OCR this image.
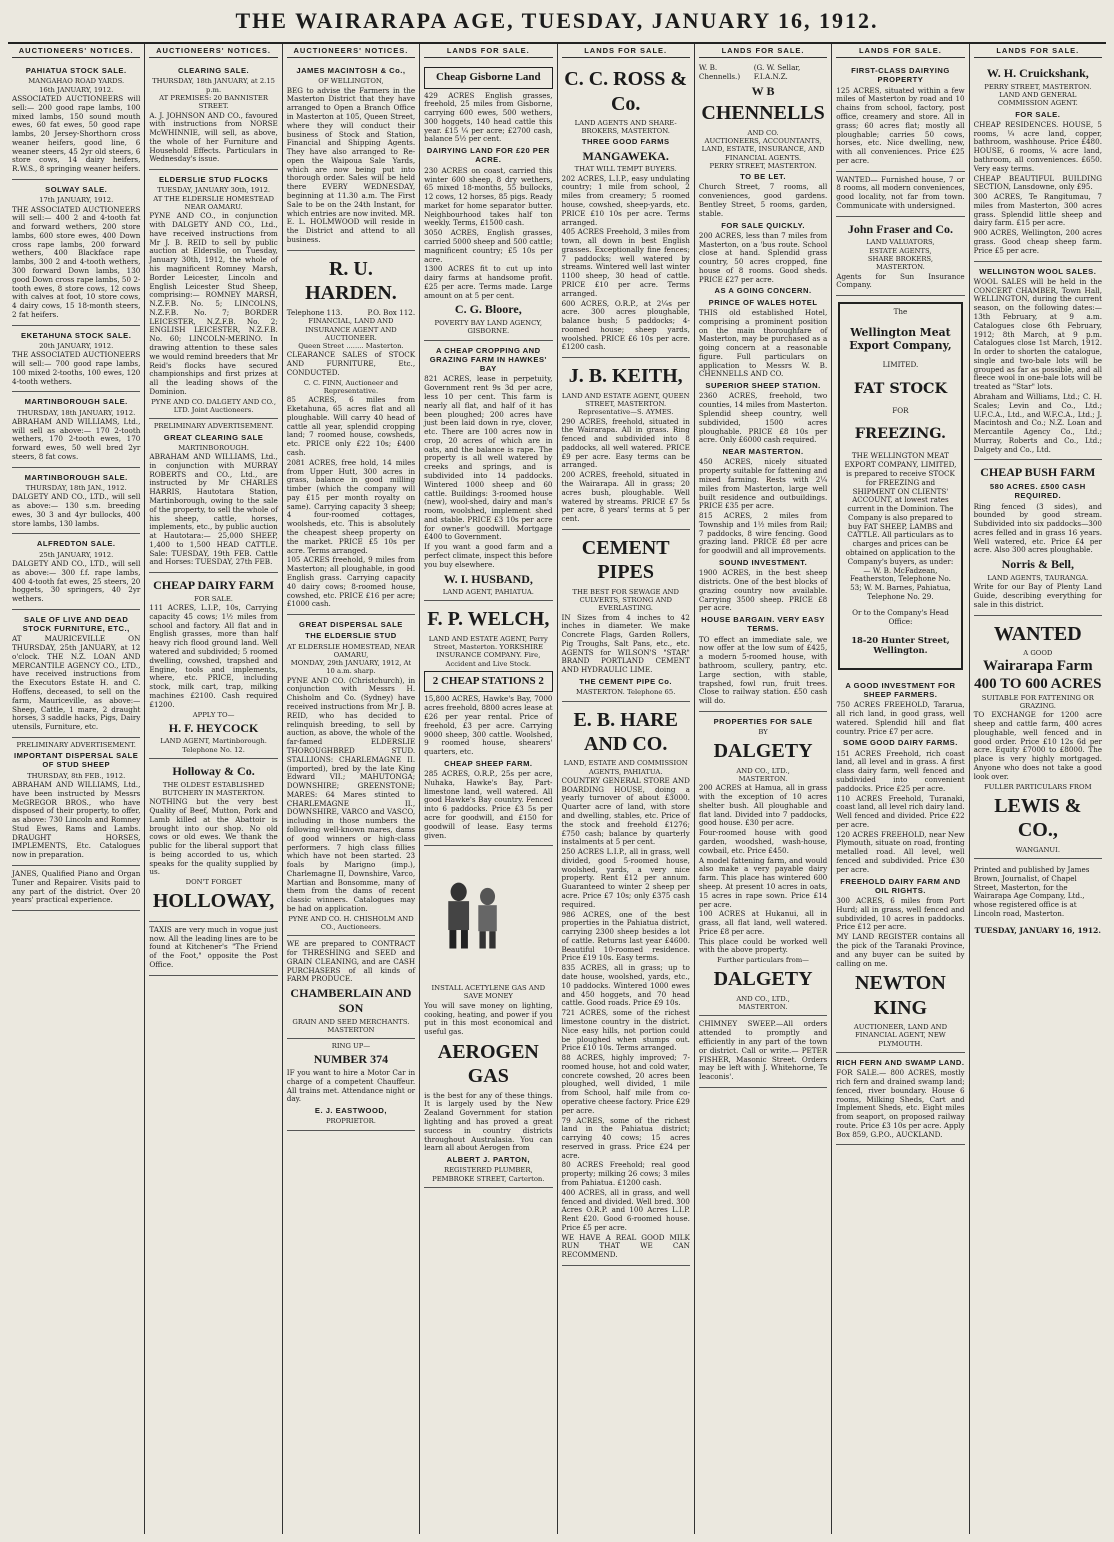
THE WAIRARAPA AGE, TUESDAY, JANUARY 16, 1912.
AUCTIONEERS' NOTICES.
PAHIATUA STOCK SALE.
MANGAHAO ROAD YARDS.
16th JANUARY, 1912.

ASSOCIATED AUCTIONEERS will sell:— 200 good rape lambs, 100 mixed lambs, 150 sound mouth ewes, 60 fat ewes, 50 good rape lambs, 20 Jersey-Shorthorn cross weaner heifers, good line, 6 weaner steers, 45 2yr old steers, 6 store cows, 14 dairy heifers, R.W.S., 8 springing weaner heifers.

SOLWAY SALE.
17th JANUARY, 1912.

THE ASSOCIATED AUCTIONEERS will sell:— 400 2 and 4-tooth fat and forward wethers, 200 store lambs, 600 store ewes, 400 Down cross rape lambs, 200 forward wethers, 400 Blackface rape lambs, 300 2 and 4-tooth wethers, 300 forward Down lambs, 130 good Down cross rape lambs, 50 2-tooth ewes, 8 store cows, 12 cows with calves at foot, 10 store cows, 4 dairy cows, 15 18-month steers, 2 fat heifers.

EKETAHUNA STOCK SALE.
20th JANUARY, 1912.

THE ASSOCIATED AUCTIONEERS will sell:— 700 good rape lambs, 100 mixed 2-tooths, 100 ewes, 120 4-tooth wethers.

MARTINBOROUGH SALE.
THURSDAY, 18th JANUARY, 1912.

ABRAHAM AND WILLIAMS, Ltd., will sell as above:— 170 2-tooth wethers, 170 2-tooth ewes, 170 forward ewes, 50 well bred 2yr steers, 8 fat cows.

MARTINBOROUGH SALE.
THURSDAY, 18th JAN., 1912.

DALGETY AND CO., LTD., will sell as above:— 130 s.m. breeding ewes, 30 3 and 4yr bullocks, 400 store lambs, 130 lambs.

ALFREDTON SALE.
25th JANUARY, 1912.

DALGETY AND CO., LTD., will sell as above:— 300 f.f. rape lambs, 400 4-tooth fat ewes, 25 steers, 20 hoggets, 30 springers, 40 2yr wethers.

SALE OF LIVE AND DEAD STOCK FURNITURE, ETC.,

AT MAURICEVILLE ON THURSDAY, 25th JANUARY, at 12 o'clock. THE N.Z. LOAN AND MERCANTILE AGENCY CO., LTD., have received instructions from the Executors Estate H. and C. Hoffens, deceased, to sell on the farm, Mauriceville, as above:— Sheep, Cattle, 1 mare, 2 draught horses, 3 saddle hacks, Pigs, Dairy utensils, Furniture, etc.

PRELIMINARY ADVERTISEMENT.
IMPORTANT DISPERSAL SALE OF STUD SHEEP
THURSDAY, 8th FEB., 1912.

ABRAHAM AND WILLIAMS, Ltd., have been instructed by Messrs McGREGOR BROS., who have disposed of their property, to offer, as above: 730 Lincoln and Romney Stud Ewes, Rams and Lambs. DRAUGHT HORSES, IMPLEMENTS, Etc. Catalogues now in preparation.

JANES, Qualified Piano and Organ Tuner and Repairer. Visits paid to any part of the district. Over 20 years' practical experience.

AUCTIONEERS' NOTICES.
CLEARING SALE.
THURSDAY, 18th JANUARY, at 2.15 p.m.
AT PREMISES: 20 BANNISTER STREET.

A. J. JOHNSON AND CO., favoured with instructions from NORSE McWHINNIE, will sell, as above, the whole of her Furniture and Household Effects. Particulars in Wednesday's issue.

ELDERSLIE STUD FLOCKS
TUESDAY, JANUARY 30th, 1912.
AT THE ELDERSLIE HOMESTEAD NEAR OAMARU.

PYNE AND CO., in conjunction with DALGETY AND CO., Ltd., have received instructions from Mr J. B. REID to sell by public auction at Elderslie, on Tuesday, January 30th, 1912, the whole of his magnificent Romney Marsh, Border Leicester, Lincoln and English Leicester Stud Sheep, comprising:— ROMNEY MARSH, N.Z.F.B. No. 5; LINCOLNS, N.Z.F.B. No. 7; BORDER LEICESTER, N.Z.F.B. No. 2; ENGLISH LEICESTER, N.Z.F.B. No. 60; LINCOLN-MERINO. In drawing attention to these sales we would remind breeders that Mr Reid's flocks have secured championships and first prizes at all the leading shows of the Dominion.

PYNE AND CO. DALGETY AND CO., LTD. Joint Auctioneers.
PRELIMINARY ADVERTISEMENT.
GREAT CLEARING SALE
MARTINBOROUGH.

ABRAHAM AND WILLIAMS, Ltd., in conjunction with MURRAY ROBERTS and CO., Ltd., are instructed by Mr CHARLES HARRIS, Hautotara Station, Martinborough, owing to the sale of the property, to sell the whole of his sheep, cattle, horses, implements, etc., by public auction at Hautotara:— 25,000 SHEEP, 1,400 to 1,500 HEAD CATTLE. Sale: TUESDAY, 19th FEB. Cattle and Horses: TUESDAY, 27th FEB.

CHEAP DAIRY FARM
FOR SALE.

111 ACRES, L.I.P., 10s, Carrying capacity 45 cows; 1½ miles from school and factory. All flat and in English grasses, more than half heavy rich flood ground land. Well watered and subdivided; 5 roomed dwelling, cowshed, trapshed and Engine, tools and implements, where, etc. PRICE, including stock, milk cart, trap, milking machines £2100. Cash required £1200.

APPLY TO—
H. F. HEYCOCK
LAND AGENT, Martinborough.
Telephone No. 12.
Holloway & Co.
THE OLDEST ESTABLISHED BUTCHERY IN MASTERTON.

NOTHING but the very best Quality of Beef, Mutton, Pork and Lamb killed at the Abattoir is brought into our shop. No old cows or old ewes. We thank the public for the liberal support that is being accorded to us, which speaks for the quality supplied by us.

DON'T FORGET
HOLLOWAY,

TAXIS are very much in vogue just now. All the leading lines are to be found at Kitchener's "The Friend of the Foot," opposite the Post Office.

AUCTIONEERS' NOTICES.
JAMES MACINTOSH & Co.,
OF WELLINGTON,

BEG to advise the Farmers in the Masterton District that they have arranged to Open a Branch Office in Masterton at 105, Queen Street, where they will conduct their business of Stock and Station, Financial and Shipping Agents. They have also arranged to Re-open the Waipoua Sale Yards, which are now being put into thorough order. Sales will be held there EVERY WEDNESDAY, beginning at 11.30 a.m. The First Sale to be on the 24th Instant, for which entries are now invited. MR. E. L. HOLMWOOD will reside in the District and attend to all business.

R. U. HARDEN.
Telephone 113.	P.O. Box 112.
FINANCIAL, LAND AND INSURANCE AGENT AND AUCTIONEER.
Queen Street ........ Masterton.

CLEARANCE SALES of STOCK AND FURNITURE, Etc., CONDUCTED.

C. C. FINN, Auctioneer and Representative.

85 ACRES, 6 miles from Eketahuna, 65 acres flat and all ploughable. Will carry 40 head of cattle all year, splendid cropping land; 7 roomed house, cowsheds, etc. PRICE only £22 10s; £400 cash.

2081 ACRES, free hold, 14 miles from Upper Hutt, 300 acres in grass, balance in good milling timber (which the company will pay £15 per month royalty on same). Carrying capacity 3 sheep; 4 four-roomed cottages, woolsheds, etc. This is absolutely the cheapest sheep property on the market. PRICE £5 10s per acre. Terms arranged.

105 ACRES freehold, 9 miles from Masterton; all ploughable, in good English grass. Carrying capacity 40 dairy cows; 8-roomed house, cowshed, etc. PRICE £16 per acre; £1000 cash.

GREAT DISPERSAL SALE
THE ELDERSLIE STUD
AT ELDERSLIE HOMESTEAD, NEAR OAMARU,
MONDAY, 29th JANUARY, 1912, At 10 a.m. sharp.

PYNE AND CO. (Christchurch), in conjunction with Messrs H. Chisholm and Co. (Sydney) have received instructions from Mr J. B. REID, who has decided to relinquish breeding, to sell by auction, as above, the whole of the far-famed ELDERSLIE THOROUGHBRED STUD. STALLIONS: CHARLEMAGNE II. (imported), bred by the late King Edward VII.; MAHUTONGA; DOWNSHIRE; GREENSTONE; MARES: 64 Mares stinted to CHARLEMAGNE II., DOWNSHIRE, VARCO and VASCO, including in those numbers the following well-known mares, dams of good winners or high-class performers. 7 high class fillies which have not been started. 23 foals by Marigno (imp.), Charlemagne II, Downshire, Varco, Martian and Bonsomme, many of them from the dams of recent classic winners. Catalogues may be had on application.

PYNE AND CO. H. CHISHOLM AND CO., Auctioneers.

WE are prepared to CONTRACT for THRESHING and SEED and GRAIN CLEANING, and are CASH PURCHASERS of all kinds of FARM PRODUCE.

CHAMBERLAIN AND SON
GRAIN AND SEED MERCHANTS.
MASTERTON
RING UP—
NUMBER 374

IF you want to hire a Motor Car in charge of a competent Chauffeur. All trains met. Attendance night or day.

E. J. EASTWOOD,
PROPRIETOR.
LANDS FOR SALE.
Cheap Gisborne Land

429 ACRES English grasses, freehold, 25 miles from Gisborne, carrying 600 ewes, 500 wethers, 300 hoggets, 140 head cattle this year. £15 ¼ per acre; £2700 cash, balance 5½ per cent.

DAIRYING LAND FOR £20 PER ACRE.

230 ACRES on coast, carried this winter 600 sheep, 8 dry wethers, 65 mixed 18-months, 55 bullocks, 12 cows, 12 horses, 85 pigs. Ready market for home separator butter. Neighbourhood takes half ton weekly. Terms, £1500 cash.

3050 ACRES, English grasses, carried 5000 sheep and 500 cattle; magnificent country; £5 10s per acre.

1300 ACRES fit to cut up into dairy farms at handsome profit. £25 per acre. Terms made. Large amount on at 5 per cent.

C. G. Bloore,
POVERTY BAY LAND AGENCY, GISBORNE.
A CHEAP CROPPING AND GRAZING FARM IN HAWKES' BAY

821 ACRES, lease in perpetuity, Government rent 9s 3d per acre, less 10 per cent. This farm is nearly all flat, and half of it has been ploughed; 200 acres have just been laid down in rye, clover, etc. There are 100 acres now in crop, 20 acres of which are in oats, and the balance is rape. The property is all well watered by creeks and springs, and is subdivided into 14 paddocks. Wintered 1000 sheep and 60 cattle. Buildings: 3-roomed house (new), wool-shed, dairy and man's room, woolshed, implement shed and stable. PRICE £3 10s per acre for owner's goodwill. Mortgage £400 to Government.

If you want a good farm and a perfect climate, inspect this before you buy elsewhere.

W. I. HUSBAND,
LAND AGENT, PAHIATUA.
F. P. WELCH,
LAND AND ESTATE AGENT, Perry Street, Masterton. YORKSHIRE INSURANCE COMPANY. Fire, Accident and Live Stock.
2 CHEAP STATIONS 2

15,800 ACRES, Hawke's Bay, 7000 acres freehold, 8800 acres lease at £26 per year rental. Price of freehold, £3 per acre. Carrying 9000 sheep, 300 cattle. Woolshed, 9 roomed house, shearers' quarters, etc.

CHEAP SHEEP FARM.

285 ACRES, O.R.P., 25s per acre, Nuhaka, Hawke's Bay, Part-limestone land, well watered. All good Hawke's Bay country. Fenced into 6 paddocks. Price £3 5s per acre for goodwill, and £150 for goodwill of lease. Easy terms given.

INSTALL ACETYLENE GAS AND SAVE MONEY

You will save money on lighting, cooking, heating, and power if you put in this most economical and useful gas.

AEROGEN GAS

is the best for any of these things. It is largely used by the New Zealand Government for station lighting and has proved a great success in country districts throughout Australasia. You can learn all about Aerogen from

ALBERT J. PARTON,
REGISTERED PLUMBER, PEMBROKE STREET, Carterton.
LANDS FOR SALE.
C. C. ROSS & Co.
LAND AGENTS AND SHARE-BROKERS, MASTERTON.
THREE GOOD FARMS
MANGAWEKA.
THAT WILL TEMPT BUYERS.

202 ACRES, L.I.P., easy undulating country; 1 mile from school, 2 miles from creamery; 5 roomed house, cowshed, sheep-yards, etc. PRICE £10 10s per acre. Terms arranged.

405 ACRES Freehold, 3 miles from town, all down in best English grasses. Exceptionally fine fences; 7 paddocks; well watered by streams. Wintered well last winter 1100 sheep, 30 head of cattle. PRICE £10 per acre. Terms arranged.

600 ACRES, O.R.P., at 2¼s per acre. 300 acres ploughable, balance bush; 5 paddocks; 4-roomed house; sheep yards, woolshed. PRICE £6 10s per acre. £1200 cash.

J. B. KEITH,
LAND AND ESTATE AGENT, QUEEN STREET, MASTERTON. Representative—S. AYMES.

290 ACRES, freehold, situated in the Wairarapa. All in grass. Ring fenced and subdivided into 8 paddocks, all well watered. PRICE £9 per acre. Easy terms can be arranged.

200 ACRES, freehold, situated in the Wairarapa. All in grass; 20 acres bush, ploughable. Well watered by streams. PRICE £7 5s per acre, 8 years' terms at 5 per cent.

CEMENT PIPES
THE BEST FOR SEWAGE AND CULVERTS, STRONG AND EVERLASTING.

IN Sizes from 4 inches to 42 inches in diameter. We make Concrete Flags, Garden Rollers, Pig Troughs, Salt Pans, etc., etc. AGENTS for WILSON'S "STAR" BRAND PORTLAND CEMENT AND HYDRAULIC LIME.

THE CEMENT PIPE Co.
MASTERTON. Telephone 65.
E. B. HARE AND CO.
LAND, ESTATE AND COMMISSION AGENTS, PAHIATUA.

COUNTRY GENERAL STORE AND BOARDING HOUSE, doing a yearly turnover of about £3000. Quarter acre of land, with store and dwelling, stables, etc. Price of the stock and freehold £1276; £750 cash; balance by quarterly instalments at 5 per cent.

250 ACRES L.I.P., all in grass, well divided, good 5-roomed house, woolshed, yards, a very nice property. Rent £12 per annum. Guaranteed to winter 2 sheep per acre. Price £7 10s; only £375 cash required.

986 ACRES, one of the best properties in the Pahiatua district, carrying 2300 sheep besides a lot of cattle. Returns last year £4600. Beautiful 10-roomed residence. Price £19 10s. Easy terms.

835 ACRES, all in grass; up to date house, woolshed, yards, etc., 10 paddocks. Wintered 1000 ewes and 450 hoggets, and 70 head cattle. Good roads. Price £9 10s.

721 ACRES, some of the richest limestone country in the district. Nice easy hills, not portion could be ploughed when stumps out. Price £10 10s. Terms arranged.

88 ACRES, highly improved; 7-roomed house, hot and cold water, concrete cowshed, 20 acres been ploughed, well divided, 1 mile from School, half mile from co-operative cheese factory. Price £29 per acre.

79 ACRES, some of the richest land in the Pahiatua district; carrying 40 cows; 15 acres reserved in grass. Price £24 per acre.

80 ACRES Freehold; real good property; milking 26 cows; 3 miles from Pahiatua. £1200 cash.

400 ACRES, all in grass, and well fenced and divided. Well bred. 300 Acres O.R.P. and 100 Acres L.I.P. Rent £20. Good 6-roomed house. Price £5 per acre.

WE HAVE A REAL GOOD MILK RUN THAT WE CAN RECOMMEND.

LANDS FOR SALE.
W. B. Chennells.)
(G. W. Sellar, F.I.A.N.Z.
W B
CHENNELLS
AND CO.
AUCTIONEERS, ACCOUNTANTS, LAND, ESTATE, INSURANCE, AND FINANCIAL AGENTS.
PERRY STREET, MASTERTON.
TO BE LET.

Church Street, 7 rooms, all conveniences, good gardens. Bentley Street, 5 rooms, garden, stable.

FOR SALE QUICKLY.

200 ACRES, less than 7 miles from Masterton, on a 'bus route. School close at hand. Splendid grass country, 50 acres cropped, fine house of 8 rooms. Good sheds. PRICE £27 per acre.

AS A GOING CONCERN.
PRINCE OF WALES HOTEL

THIS old established Hotel, comprising a prominent position on the main thoroughfare of Masterton, may be purchased as a going concern at a reasonable figure. Full particulars on application to Messrs W. B. CHENNELLS AND CO.

SUPERIOR SHEEP STATION.

2360 ACRES, freehold, two counties, 14 miles from Masterton. Splendid sheep country, well subdivided, 1500 acres ploughable. PRICE £8 10s per acre. Only £6000 cash required.

NEAR MASTERTON.

450 ACRES, nicely situated property suitable for fattening and mixed farming. Rests with 2¼ miles from Masterton, large well built residence and outbuildings. PRICE £35 per acre.

815 ACRES, 2 miles from Township and 1½ miles from Rail; 7 paddocks, 8 wire fencing. Good grazing land. PRICE £8 per acre for goodwill and all improvements.

SOUND INVESTMENT.

1900 ACRES, in the best sheep districts. One of the best blocks of grazing country now available. Carrying 3500 sheep. PRICE £8 per acre.

HOUSE BARGAIN. VERY EASY TERMS.

TO effect an immediate sale, we now offer at the low sum of £425, a modern 5-roomed house, with bathroom, scullery, pantry, etc. Large section, with stable, trapshed, fowl run, fruit trees. Close to railway station. £50 cash will do.

PROPERTIES FOR SALE
BY
DALGETY
AND CO., LTD.,
MASTERTON.

200 ACRES at Hamua, all in grass with the exception of 10 acres shelter bush. All ploughable and flat land. Divided into 7 paddocks, good house. £30 per acre.

Four-roomed house with good garden, woodshed, wash-house, cowbail, etc. Price £450.

A model fattening farm, and would also make a very payable dairy farm. This place has wintered 600 sheep. At present 10 acres in oats, 15 acres in rape sown. Price £14 per acre.

100 ACRES at Hukanui, all in grass, all flat land, well watered. Price £8 per acre.

This place could be worked well with the above property.

Further particulars from—
DALGETY
AND CO., LTD.,
MASTERTON.

CHIMNEY SWEEP.—All orders attended to promptly and efficiently in any part of the town or district. Call or write.— PETER FISHER, Masonic Street. Orders may be left with J. Whitehorne, Te Ieaconis'.

LANDS FOR SALE.
FIRST-CLASS DAIRYING PROPERTY

125 ACRES, situated within a few miles of Masterton by road and 10 chains from school, factory, post office, creamery and store. All in grass; 60 acres flat; mostly all ploughable; carries 50 cows, horses, etc. Nice dwelling, new, with all conveniences. Price £25 per acre.

WANTED— Furnished house, 7 or 8 rooms, all modern conveniences, good locality, not far from town. Communicate with undersigned.

John Fraser and Co.
LAND VALUATORS,
ESTATE AGENTS,
SHARE BROKERS,
MASTERTON.

Agents for Sun Insurance Company.

The
Wellington Meat Export Company,
LIMITED.
FAT STOCK
FOR
FREEZING.

THE WELLINGTON MEAT EXPORT COMPANY, LIMITED, is prepared to receive STOCK for FREEZING and SHIPMENT ON CLIENTS' ACCOUNT, at lowest rates current in the Dominion. The Company is also prepared to buy FAT SHEEP, LAMBS and CATTLE. All particulars as to charges and prices can be obtained on application to the Company's buyers, as under:— W. B. McFadzean, Featherston, Telephone No. 53; W. M. Barnes, Pahiatua, Telephone No. 29.

Or to the Company's Head Office:
18-20 Hunter Street, Wellington.
A GOOD INVESTMENT FOR SHEEP FARMERS.

750 ACRES FREEHOLD, Tararua, all rich land, in good grass, well watered. Splendid hill and flat country. Price £7 per acre.

SOME GOOD DAIRY FARMS.

151 ACRES Freehold, rich coast land, all level and in grass. A first class dairy farm, well fenced and subdivided into convenient paddocks. Price £25 per acre.

110 ACRES Freehold, Turanaki, coast land, all level rich dairy land. Well fenced and divided. Price £22 per acre.

120 ACRES FREEHOLD, near New Plymouth, situate on road, fronting metalled road. All level, well fenced and subdivided. Price £30 per acre.

FREEHOLD DAIRY FARM AND OIL RIGHTS.

300 ACRES, 6 miles from Port Hurd; all in grass, well fenced and subdivided, 10 acres in paddocks. Price £12 per acre.

MY LAND REGISTER contains all the pick of the Taranaki Province, and any buyer can be suited by calling on me.

NEWTON KING
AUCTIONEER, LAND AND FINANCIAL AGENT, NEW PLYMOUTH.
RICH FERN AND SWAMP LAND.

FOR SALE.— 800 ACRES, mostly rich fern and drained swamp land; fenced, river boundary. House 6 rooms, Milking Sheds, Cart and Implement Sheds, etc. Eight miles from seaport, on proposed railway route. Price £3 10s per acre. Apply Box 859, G.P.O., AUCKLAND.

LANDS FOR SALE.
W. H. Cruickshank,
PERRY STREET, MASTERTON.
LAND AND GENERAL COMMISSION AGENT.
FOR SALE.

CHEAP RESIDENCES. HOUSE, 5 rooms, ¼ acre land, copper, bathroom, washhouse. Price £480. HOUSE, 6 rooms, ¼ acre land, bathroom, all conveniences. £650. Very easy terms.

CHEAP BEAUTIFUL BUILDING SECTION, Lansdowne, only £95.

300 ACRES, Te Rangitumau, 7 miles from Masterton, 300 acres grass. Splendid little sheep and dairy farm. £15 per acre.

900 ACRES, Wellington, 200 acres grass. Good cheap sheep farm. Price £5 per acre.

WELLINGTON WOOL SALES.

WOOL SALES will be held in the CONCERT CHAMBER, Town Hall, WELLINGTON, during the current season, on the following dates:— 13th February, at 9 a.m. Catalogues close 6th February, 1912; 8th March, at 9 p.m. Catalogues close 1st March, 1912. In order to shorten the catalogue, single and two-bale lots will be grouped as far as possible, and all fleece wool in one-bale lots will be treated as "Star" lots.

Abraham and Williams, Ltd.; C. H. Scales; Levin and Co., Ltd.; U.F.C.A., Ltd., and W.F.C.A., Ltd.; J. Macintosh and Co.; N.Z. Loan and Mercantile Agency Co., Ltd.; Murray, Roberts and Co., Ltd.; Dalgety and Co., Ltd.

CHEAP BUSH FARM
580 ACRES. £500 CASH REQUIRED.

Ring fenced (3 sides), and bounded by good stream. Subdivided into six paddocks—300 acres felled and in grass 16 years. Well watered, etc. Price £4 per acre. Also 300 acres ploughable.

Norris & Bell,
LAND AGENTS, TAURANGA.

Write for our Bay of Plenty Land Guide, describing everything for sale in this district.

WANTED
A GOOD
Wairarapa Farm
400 TO 600 ACRES
SUITABLE FOR FATTENING OR GRAZING.

TO EXCHANGE for 1200 acre sheep and cattle farm, 400 acres ploughable, well fenced and in good order. Price £10 12s 6d per acre. Equity £7000 to £8000. The place is very highly mortgaged. Anyone who does not take a good look over.

FULLER PARTICULARS FROM
LEWIS & CO.,
WANGANUI.

Printed and published by James Brown, Journalist, of Chapel Street, Masterton, for the Wairarapa Age Company, Ltd., whose registered office is at Lincoln road, Masterton.

TUESDAY, JANUARY 16, 1912.
